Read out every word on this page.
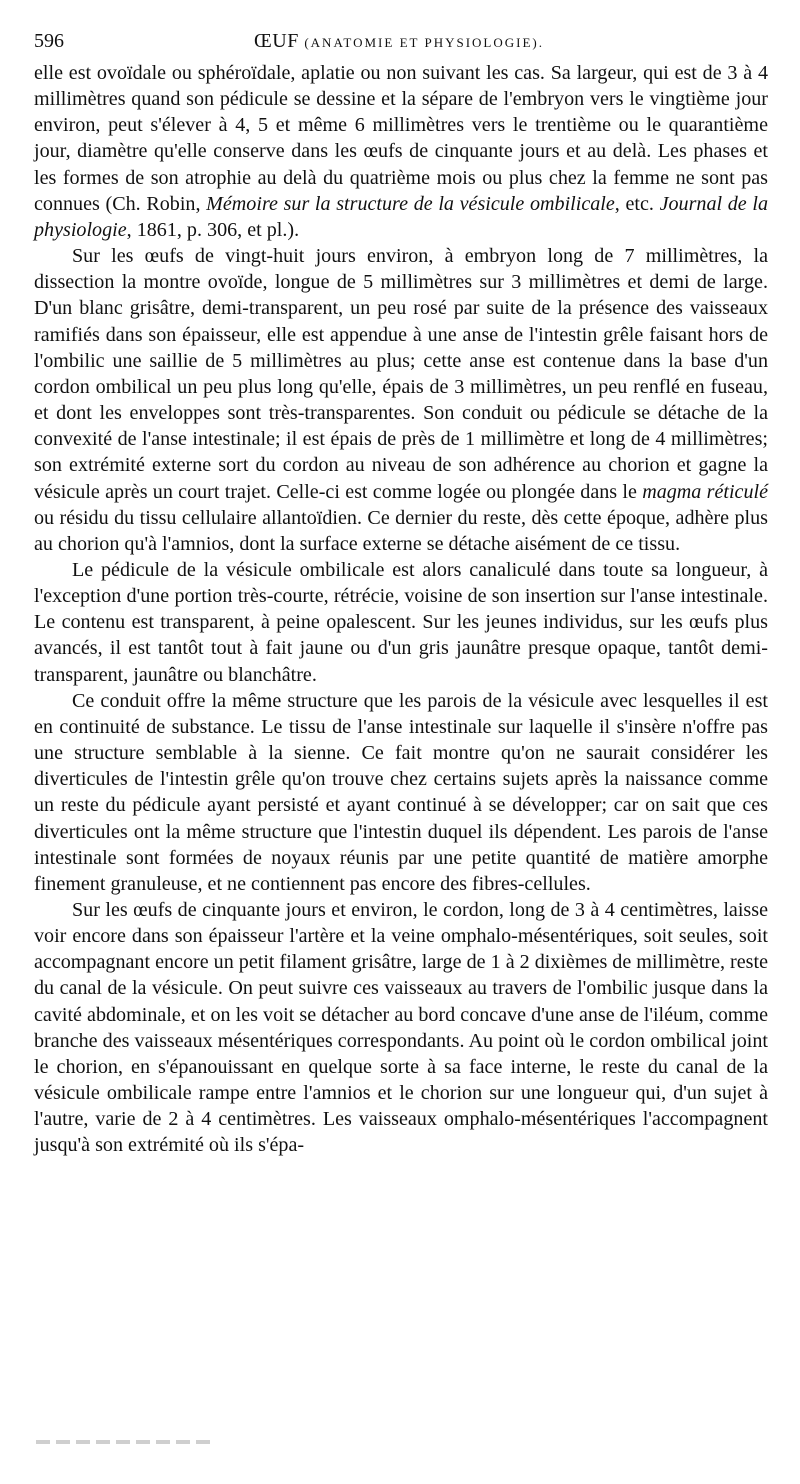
596	ŒUF (ANATOMIE ET PHYSIOLOGIE).

elle est ovoïdale ou sphéroïdale, aplatie ou non suivant les cas. Sa largeur, qui est de 3 à 4 millimètres quand son pédicule se dessine et la sépare de l'embryon vers le vingtième jour environ, peut s'élever à 4, 5 et même 6 millimètres vers le trentième ou le quarantième jour, diamètre qu'elle conserve dans les œufs de cinquante jours et au delà. Les phases et les formes de son atrophie au delà du quatrième mois ou plus chez la femme ne sont pas connues (Ch. Robin, Mémoire sur la structure de la vésicule ombilicale, etc. Journal de la physiologie, 1861, p. 306, et pl.).

Sur les œufs de vingt-huit jours environ, à embryon long de 7 millimètres, la dissection la montre ovoïde, longue de 5 millimètres sur 3 millimètres et demi de large. D'un blanc grisâtre, demi-transparent, un peu rosé par suite de la présence des vaisseaux ramifiés dans son épaisseur, elle est appendue à une anse de l'intestin grêle faisant hors de l'ombilic une saillie de 5 millimètres au plus; cette anse est contenue dans la base d'un cordon ombilical un peu plus long qu'elle, épais de 3 millimètres, un peu renflé en fuseau, et dont les enveloppes sont très-transparentes. Son conduit ou pédicule se détache de la convexité de l'anse intestinale; il est épais de près de 1 millimètre et long de 4 millimètres; son extrémité externe sort du cordon au niveau de son adhérence au chorion et gagne la vésicule après un court trajet. Celle-ci est comme logée ou plongée dans le magma réticulé ou résidu du tissu cellulaire allantoïdien. Ce dernier du reste, dès cette époque, adhère plus au chorion qu'à l'amnios, dont la surface externe se détache aisément de ce tissu.

Le pédicule de la vésicule ombilicale est alors canaliculé dans toute sa longueur, à l'exception d'une portion très-courte, rétrécie, voisine de son insertion sur l'anse intestinale. Le contenu est transparent, à peine opalescent. Sur les jeunes individus, sur les œufs plus avancés, il est tantôt tout à fait jaune ou d'un gris jaunâtre presque opaque, tantôt demi-transparent, jaunâtre ou blanchâtre.

Ce conduit offre la même structure que les parois de la vésicule avec lesquelles il est en continuité de substance. Le tissu de l'anse intestinale sur laquelle il s'insère n'offre pas une structure semblable à la sienne. Ce fait montre qu'on ne saurait considérer les diverticules de l'intestin grêle qu'on trouve chez certains sujets après la naissance comme un reste du pédicule ayant persisté et ayant continué à se développer; car on sait que ces diverticules ont la même structure que l'intestin duquel ils dépendent. Les parois de l'anse intestinale sont formées de noyaux réunis par une petite quantité de matière amorphe finement granuleuse, et ne contiennent pas encore des fibres-cellules.

Sur les œufs de cinquante jours et environ, le cordon, long de 3 à 4 centimètres, laisse voir encore dans son épaisseur l'artère et la veine omphalo-mésentériques, soit seules, soit accompagnant encore un petit filament grisâtre, large de 1 à 2 dixièmes de millimètre, reste du canal de la vésicule. On peut suivre ces vaisseaux au travers de l'ombilic jusque dans la cavité abdominale, et on les voit se détacher au bord concave d'une anse de l'iléum, comme branche des vaisseaux mésentériques correspondants. Au point où le cordon ombilical joint le chorion, en s'épanouissant en quelque sorte à sa face interne, le reste du canal de la vésicule ombilicale rampe entre l'amnios et le chorion sur une longueur qui, d'un sujet à l'autre, varie de 2 à 4 centimètres. Les vaisseaux omphalo-mésentériques l'accompagnent jusqu'à son extrémité où ils s'épa-
